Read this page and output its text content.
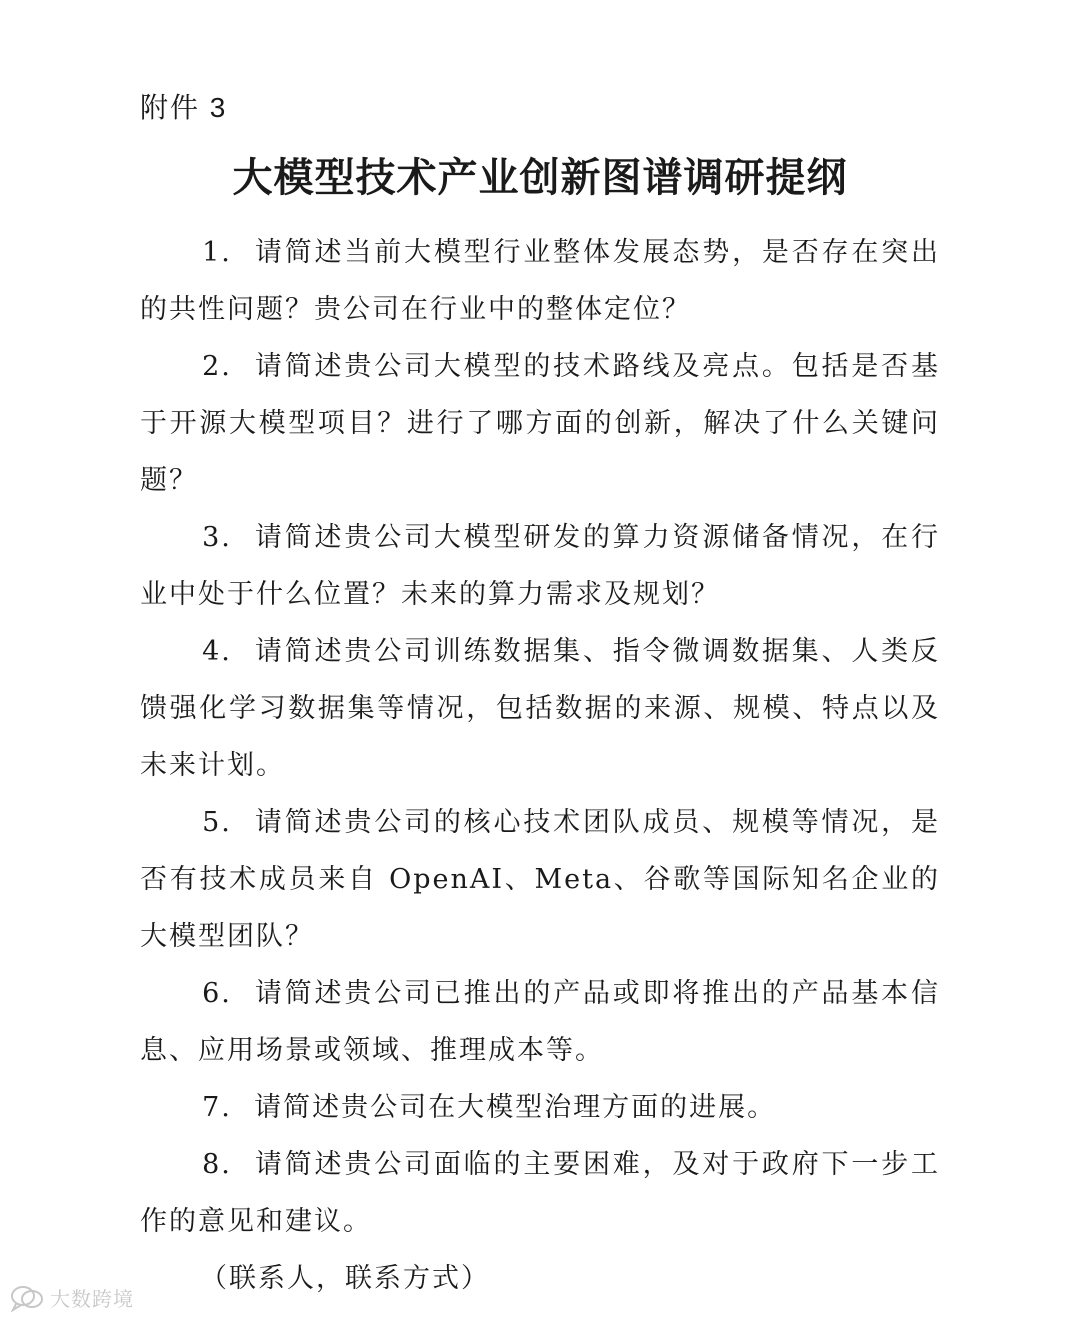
附件 3
大模型技术产业创新图谱调研提纲

1. 请简述当前大模型行业整体发展态势，是否存在突出的共性问题？贵公司在行业中的整体定位？

2. 请简述贵公司大模型的技术路线及亮点。包括是否基于开源大模型项目？进行了哪方面的创新，解决了什么关键问题？

3. 请简述贵公司大模型研发的算力资源储备情况，在行业中处于什么位置？未来的算力需求及规划？

4. 请简述贵公司训练数据集、指令微调数据集、人类反馈强化学习数据集等情况，包括数据的来源、规模、特点以及未来计划。

5. 请简述贵公司的核心技术团队成员、规模等情况，是否有技术成员来自 OpenAI、Meta、谷歌等国际知名企业的大模型团队？

6. 请简述贵公司已推出的产品或即将推出的产品基本信息、应用场景或领域、推理成本等。

7. 请简述贵公司在大模型治理方面的进展。

8. 请简述贵公司面临的主要困难，及对于政府下一步工作的意见和建议。

（联系人，联系方式）

大数跨境
